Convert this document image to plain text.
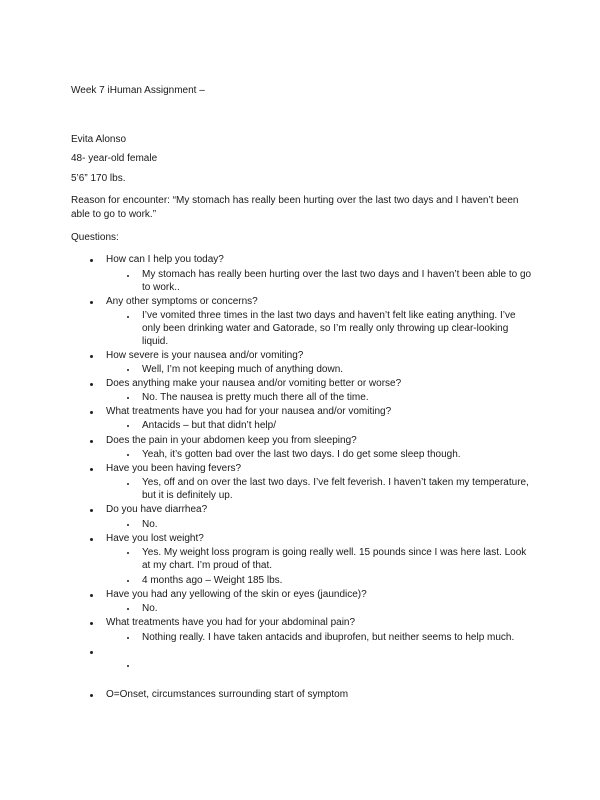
Week 7 iHuman Assignment –
Evita Alonso
48- year-old female
5’6” 170 lbs.
Reason for encounter: “My stomach has really been hurting over the last two days and I haven’t been
able to go to work.”
Questions:
How can I help you today?
My stomach has really been hurting over the last two days and I haven’t been able to go
to work..
Any other symptoms or concerns?
I’ve vomited three times in the last two days and haven’t felt like eating anything. I’ve
only been drinking water and Gatorade, so I’m really only throwing up clear-looking
liquid.
How severe is your nausea and/or vomiting?
Well, I’m not keeping much of anything down.
Does anything make your nausea and/or vomiting better or worse?
No. The nausea is pretty much there all of the time.
What treatments have you had for your nausea and/or vomiting?
Antacids – but that didn’t help/
Does the pain in your abdomen keep you from sleeping?
Yeah, it’s gotten bad over the last two days. I do get some sleep though.
Have you been having fevers?
Yes, off and on over the last two days. I’ve felt feverish. I haven’t taken my temperature,
but it is definitely up.
Do you have diarrhea?
No.
Have you lost weight?
Yes. My weight loss program is going really well. 15 pounds since I was here last. Look
at my chart. I’m proud of that.
4 months ago – Weight 185 lbs.
Have you had any yellowing of the skin or eyes (jaundice)?
No.
What treatments have you had for your abdominal pain?
Nothing really. I have taken antacids and ibuprofen, but neither seems to help much.
O=Onset, circumstances surrounding start of symptom
